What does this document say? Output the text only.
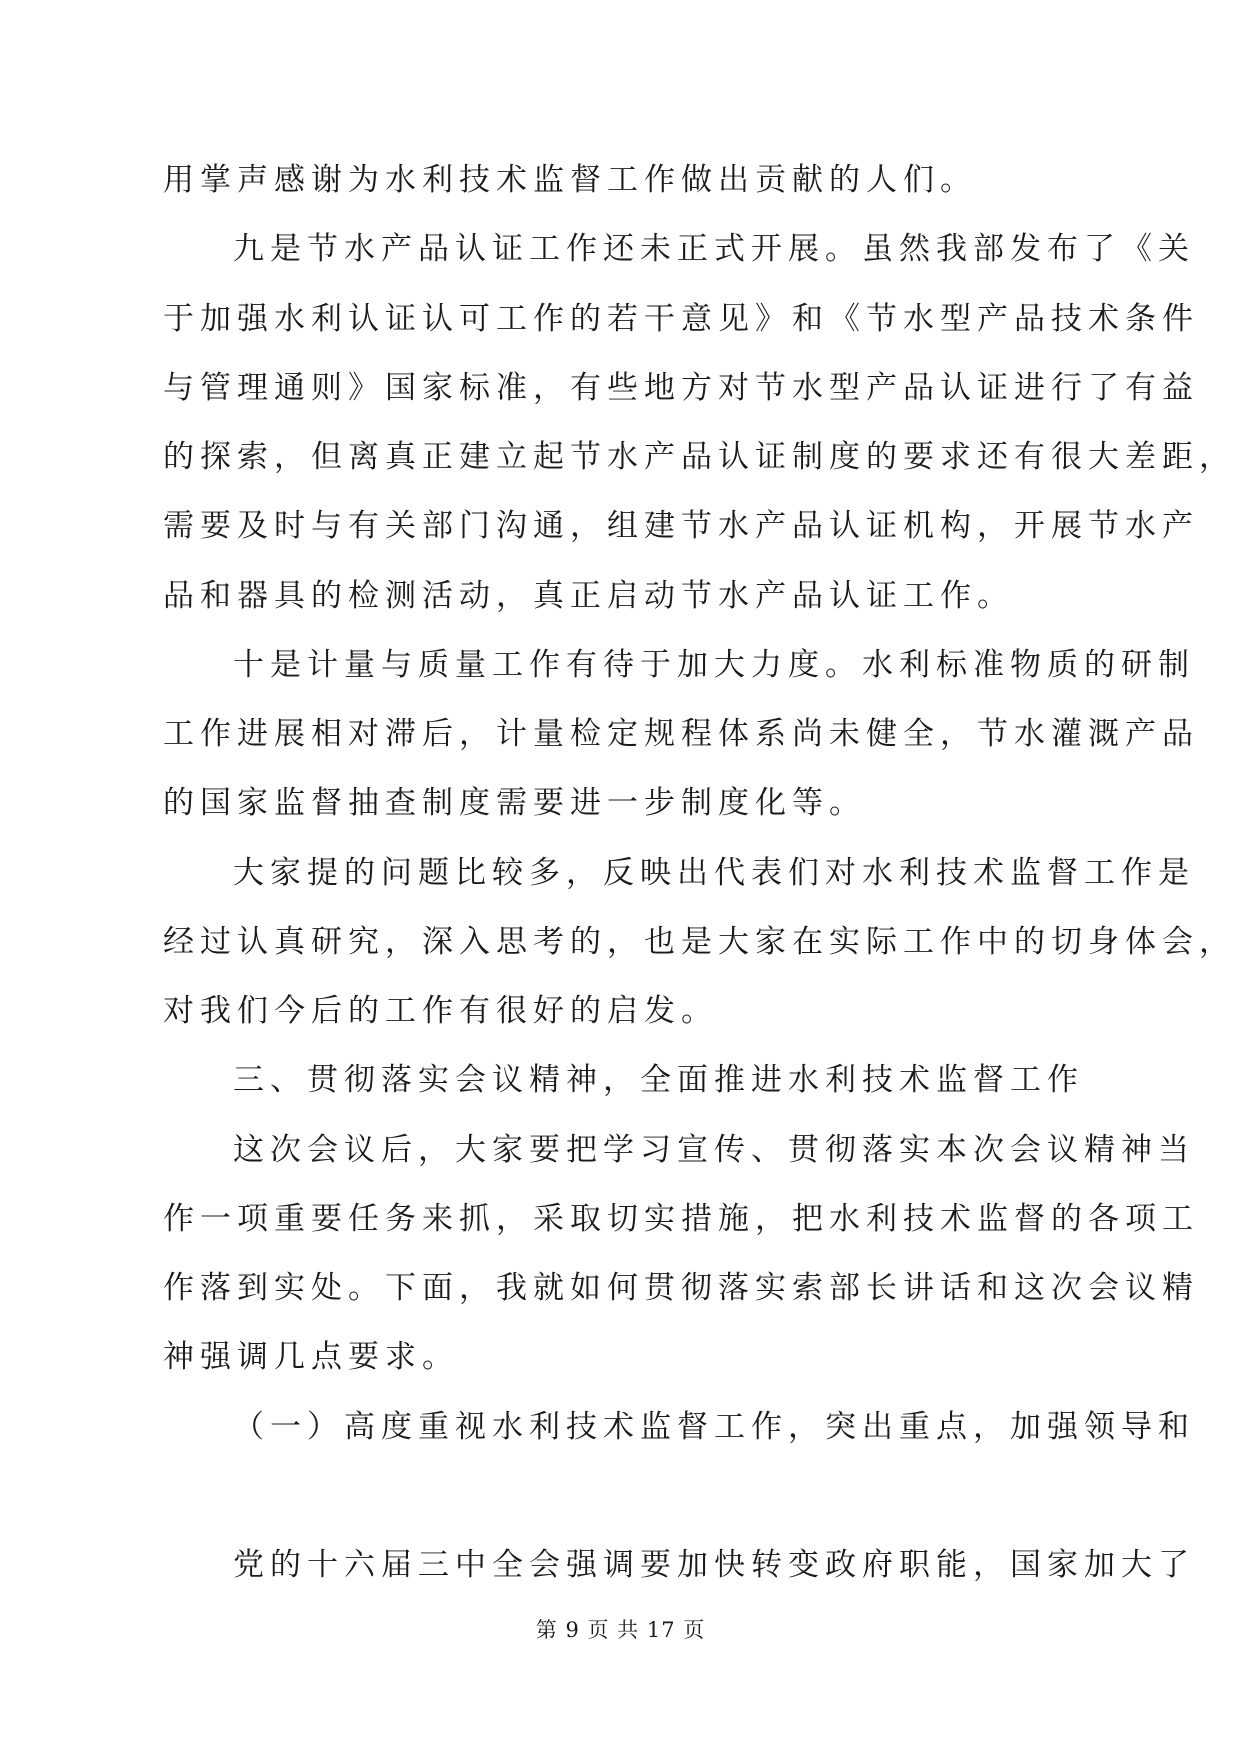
用掌声感谢为水利技术监督工作做出贡献的人们。
九是节水产品认证工作还未正式开展。虽然我部发布了《关
于加强水利认证认可工作的若干意见》和《节水型产品技术条件
与管理通则》国家标准，有些地方对节水型产品认证进行了有益
的探索，但离真正建立起节水产品认证制度的要求还有很大差距，
需要及时与有关部门沟通，组建节水产品认证机构，开展节水产
品和器具的检测活动，真正启动节水产品认证工作。
十是计量与质量工作有待于加大力度。水利标准物质的研制
工作进展相对滞后，计量检定规程体系尚未健全，节水灌溉产品
的国家监督抽查制度需要进一步制度化等。
大家提的问题比较多，反映出代表们对水利技术监督工作是
经过认真研究，深入思考的，也是大家在实际工作中的切身体会，
对我们今后的工作有很好的启发。
三、贯彻落实会议精神，全面推进水利技术监督工作
这次会议后，大家要把学习宣传、贯彻落实本次会议精神当
作一项重要任务来抓，采取切实措施，把水利技术监督的各项工
作落到实处。下面，我就如何贯彻落实索部长讲话和这次会议精
神强调几点要求。
（一）高度重视水利技术监督工作，突出重点，加强领导和
党的十六届三中全会强调要加快转变政府职能，国家加大了
第 9 页 共 17 页
